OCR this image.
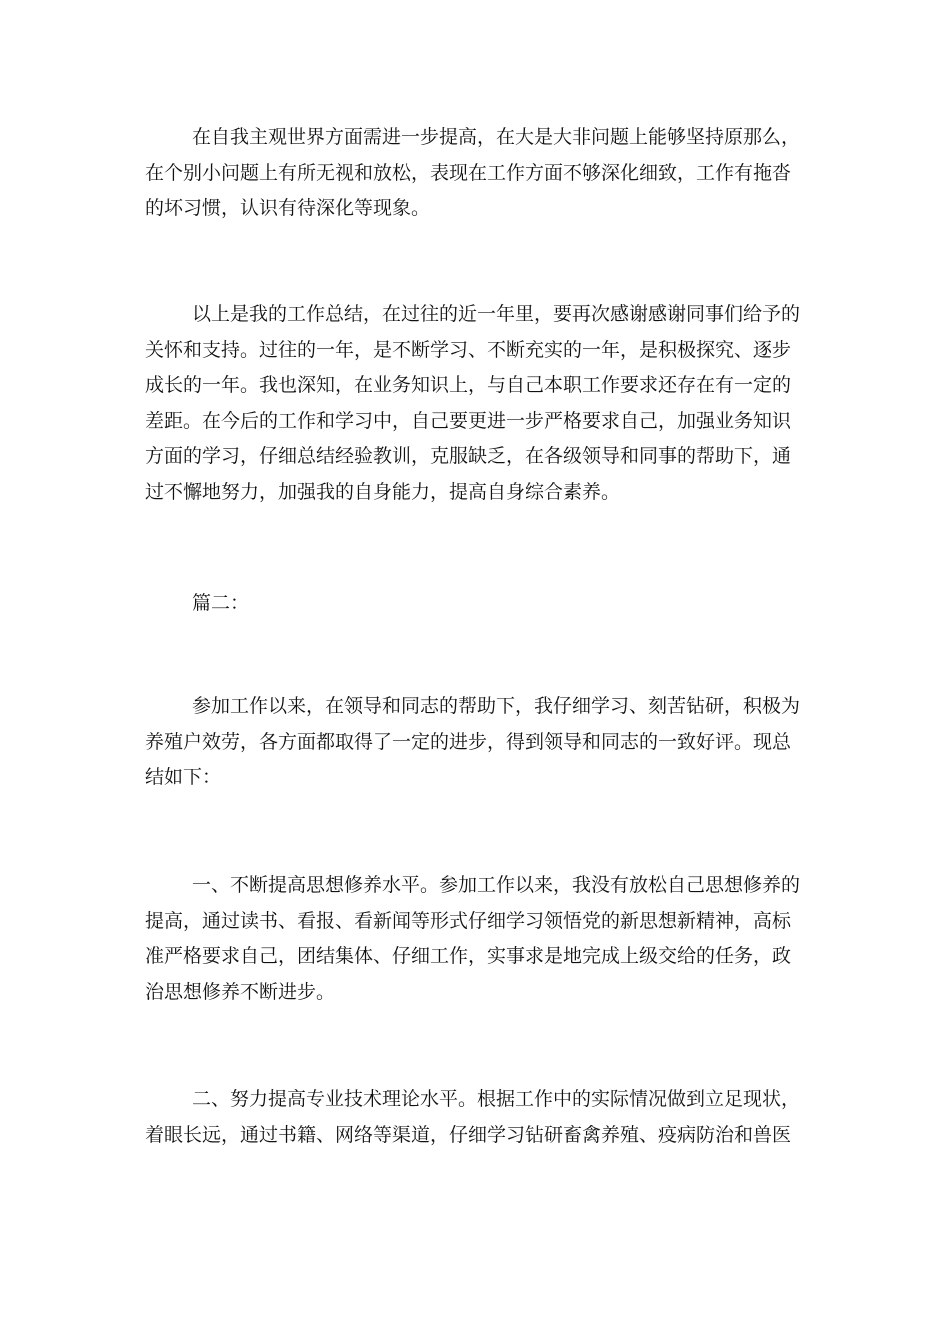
在自我主观世界方面需进一步提高，在大是大非问题上能够坚持原那么，
在个别小问题上有所无视和放松，表现在工作方面不够深化细致，工作有拖沓
的坏习惯，认识有待深化等现象。
以上是我的工作总结，在过往的近一年里，要再次感谢感谢同事们给予的
关怀和支持。过往的一年，是不断学习、不断充实的一年，是积极探究、逐步
成长的一年。我也深知，在业务知识上，与自己本职工作要求还存在有一定的
差距。在今后的工作和学习中，自己要更进一步严格要求自己，加强业务知识
方面的学习，仔细总结经验教训，克服缺乏，在各级领导和同事的帮助下，通
过不懈地努力，加强我的自身能力，提高自身综合素养。
篇二：
参加工作以来，在领导和同志的帮助下，我仔细学习、刻苦钻研，积极为
养殖户效劳，各方面都取得了一定的进步，得到领导和同志的一致好评。现总
结如下：
一、不断提高思想修养水平。参加工作以来，我没有放松自己思想修养的
提高，通过读书、看报、看新闻等形式仔细学习领悟党的新思想新精神，高标
准严格要求自己，团结集体、仔细工作，实事求是地完成上级交给的任务，政
治思想修养不断进步。
二、努力提高专业技术理论水平。根据工作中的实际情况做到立足现状，
着眼长远，通过书籍、网络等渠道，仔细学习钻研畜禽养殖、疫病防治和兽医
